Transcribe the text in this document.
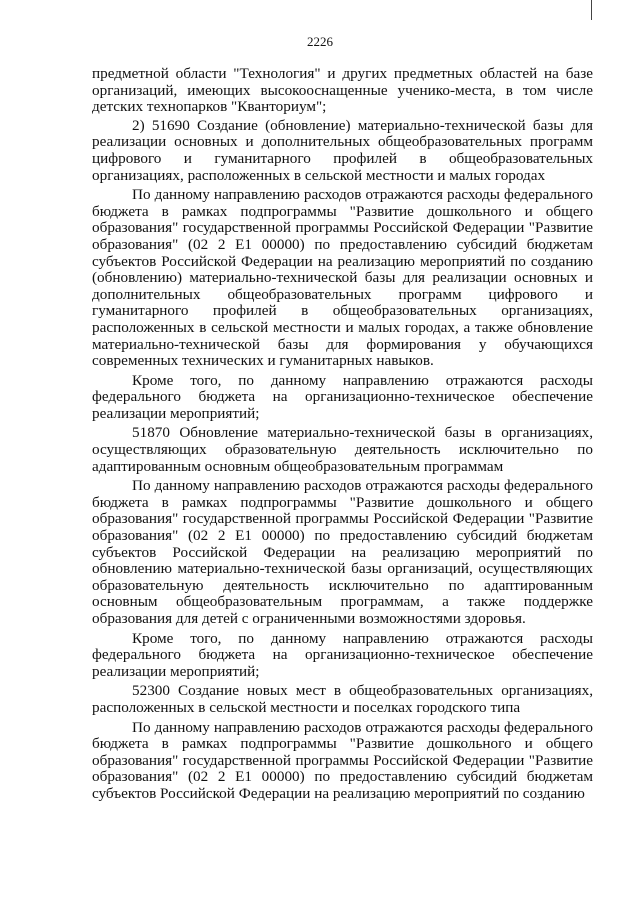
2226

предметной области "Технология" и других предметных областей на базе организаций, имеющих высокооснащенные ученико-места, в том числе детских технопарков "Кванториум";

2) 51690 Создание (обновление) материально-технической базы для реализации основных и дополнительных общеобразовательных программ цифрового и гуманитарного профилей в общеобразовательных организациях, расположенных в сельской местности и малых городах

По данному направлению расходов отражаются расходы федерального бюджета в рамках подпрограммы "Развитие дошкольного и общего образования" государственной программы Российской Федерации "Развитие образования" (02 2 Е1 00000) по предоставлению субсидий бюджетам субъектов Российской Федерации на реализацию мероприятий по созданию (обновлению) материально-технической базы для реализации основных и дополнительных общеобразовательных программ цифрового и гуманитарного профилей в общеобразовательных организациях, расположенных в сельской местности и малых городах, а также обновление материально-технической базы для формирования у обучающихся современных технических и гуманитарных навыков.

Кроме того, по данному направлению отражаются расходы федерального бюджета на организационно-техническое обеспечение реализации мероприятий;

51870 Обновление материально-технической базы в организациях, осуществляющих образовательную деятельность исключительно по адаптированным основным общеобразовательным программам

По данному направлению расходов отражаются расходы федерального бюджета в рамках подпрограммы "Развитие дошкольного и общего образования" государственной программы Российской Федерации "Развитие образования" (02 2 Е1 00000) по предоставлению субсидий бюджетам субъектов Российской Федерации на реализацию мероприятий по обновлению материально-технической базы организаций, осуществляющих образовательную деятельность исключительно по адаптированным основным общеобразовательным программам, а также поддержке образования для детей с ограниченными возможностями здоровья.

Кроме того, по данному направлению отражаются расходы федерального бюджета на организационно-техническое обеспечение реализации мероприятий;

52300 Создание новых мест в общеобразовательных организациях, расположенных в сельской местности и поселках городского типа

По данному направлению расходов отражаются расходы федерального бюджета в рамках подпрограммы "Развитие дошкольного и общего образования" государственной программы Российской Федерации "Развитие образования" (02 2 Е1 00000) по предоставлению субсидий бюджетам субъектов Российской Федерации на реализацию мероприятий по созданию
